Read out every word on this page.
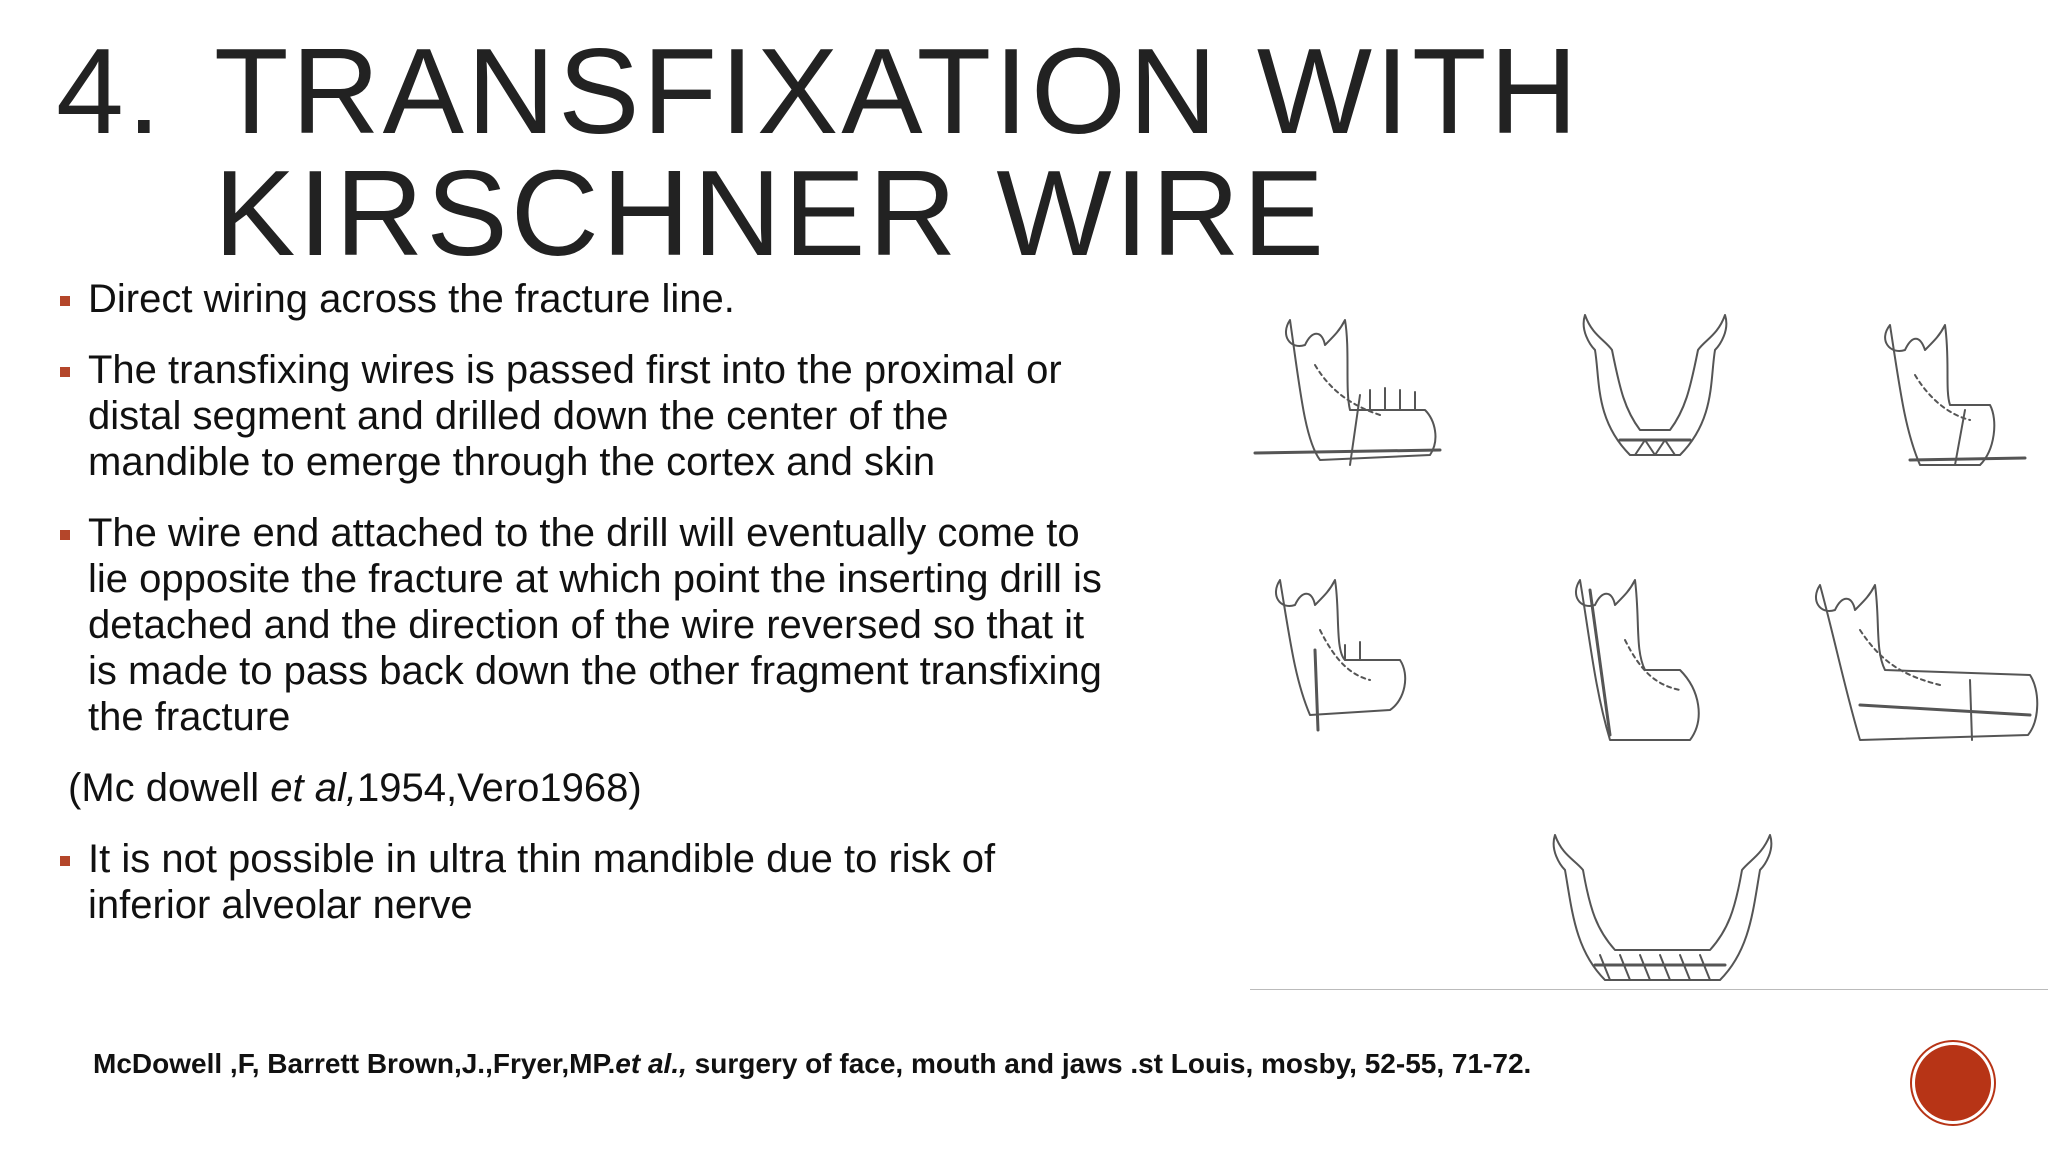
4. TRANSFIXATION WITH
KIRSCHNER WIRE
Direct wiring across the fracture line.
The transfixing wires is passed first into the proximal or distal segment and drilled down the center of the mandible to emerge through the cortex and skin
The wire end attached to the drill will eventually come to lie opposite the fracture at which point the inserting drill is detached and the direction of the wire reversed so that it is made to pass back down the other fragment transfixing the fracture

(Mc dowell et al,1954,Vero1968)

It is not possible in ultra thin mandible due to risk of inferior alveolar nerve
McDowell ,F, Barrett Brown,J.,Fryer,MP.et al., surgery of face, mouth and jaws .st Louis, mosby, 52-55, 71-72.
